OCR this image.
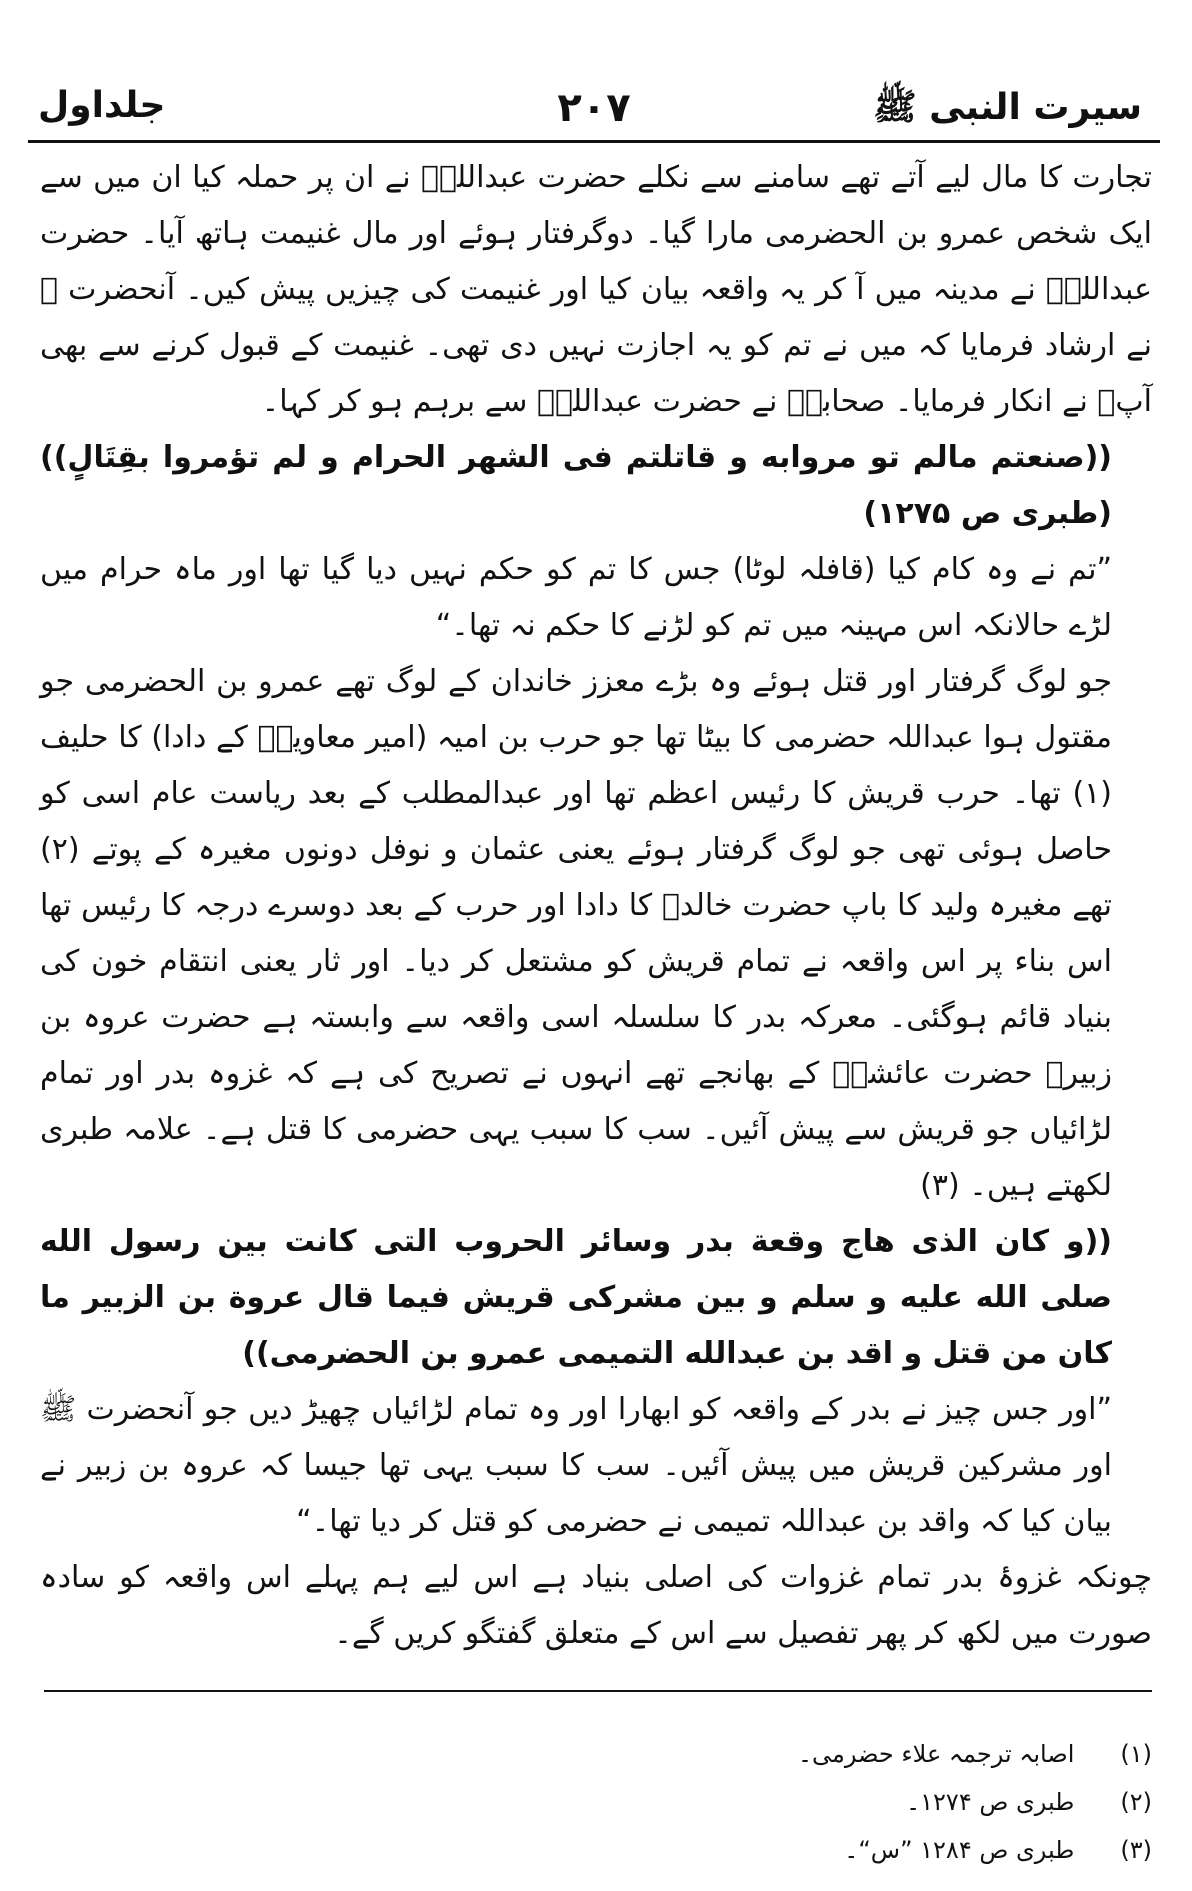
سیرت النبی ﷺ
۲۰۷
جلداول

تجارت کا مال لیے آتے تھے سامنے سے نکلے حضرت عبداللہؓ نے ان پر حملہ کیا ان میں سے ایک شخص عمرو بن الحضرمی مارا گیا۔ دوگرفتار ہوئے اور مال غنیمت ہاتھ آیا۔ حضرت عبداللہؓ نے مدینہ میں آ کر یہ واقعہ بیان کیا اور غنیمت کی چیزیں پیش کیں۔ آنحضرت ﷺ نے ارشاد فرمایا کہ میں نے تم کو یہ اجازت نہیں دی تھی۔ غنیمت کے قبول کرنے سے بھی آپؐ نے انکار فرمایا۔ صحابہؓ نے حضرت عبداللہؓ سے برہم ہو کر کہا۔

((صنعتم مالم تو مروابه و قاتلتم فی الشهر الحرام و لم تؤمروا بقِتَالٍ)) (طبری ص ۱۲۷۵)

”تم نے وہ کام کیا (قافلہ لوٹا) جس کا تم کو حکم نہیں دیا گیا تھا اور ماہ حرام میں لڑے حالانکہ اس مہینہ میں تم کو لڑنے کا حکم نہ تھا۔“

جو لوگ گرفتار اور قتل ہوئے وہ بڑے معزز خاندان کے لوگ تھے عمرو بن الحضرمی جو مقتول ہوا عبداللہ حضرمی کا بیٹا تھا جو حرب بن امیہ (امیر معاویہؓ کے دادا) کا حلیف (۱) تھا۔ حرب قریش کا رئیس اعظم تھا اور عبدالمطلب کے بعد ریاست عام اسی کو حاصل ہوئی تھی جو لوگ گرفتار ہوئے یعنی عثمان و نوفل دونوں مغیرہ کے پوتے (۲) تھے مغیرہ ولید کا باپ حضرت خالدؓ کا دادا اور حرب کے بعد دوسرے درجہ کا رئیس تھا اس بناء پر اس واقعہ نے تمام قریش کو مشتعل کر دیا۔ اور ثار یعنی انتقام خون کی بنیاد قائم ہوگئی۔ معرکہ بدر کا سلسلہ اسی واقعہ سے وابستہ ہے حضرت عروہ بن زبیرؓ حضرت عائشہؓ کے بھانجے تھے انہوں نے تصریح کی ہے کہ غزوہ بدر اور تمام لڑائیاں جو قریش سے پیش آئیں۔ سب کا سبب یہی حضرمی کا قتل ہے۔ علامہ طبری لکھتے ہیں۔ (۳)

((و کان الذی هاج وقعة بدر وسائر الحروب التی کانت بین رسول الله صلی الله علیه و سلم و بین مشرکی قریش فیما قال عروة بن الزبیر ما کان من قتل و اقد بن عبدالله التمیمی عمرو بن الحضرمی))

”اور جس چیز نے بدر کے واقعہ کو ابھارا اور وہ تمام لڑائیاں چھیڑ دیں جو آنحضرت ﷺ اور مشرکین قریش میں پیش آئیں۔ سب کا سبب یہی تھا جیسا کہ عروہ بن زبیر نے بیان کیا کہ واقد بن عبداللہ تمیمی نے حضرمی کو قتل کر دیا تھا۔“

چونکہ غزوۂ بدر تمام غزوات کی اصلی بنیاد ہے اس لیے ہم پہلے اس واقعہ کو سادہ صورت میں لکھ کر پھر تفصیل سے اس کے متعلق گفتگو کریں گے۔

(۱) اصابہ ترجمہ علاء حضرمی۔
(۲) طبری ص ۱۲۷۴۔
(۳) طبری ص ۱۲۸۴ ”س“۔
